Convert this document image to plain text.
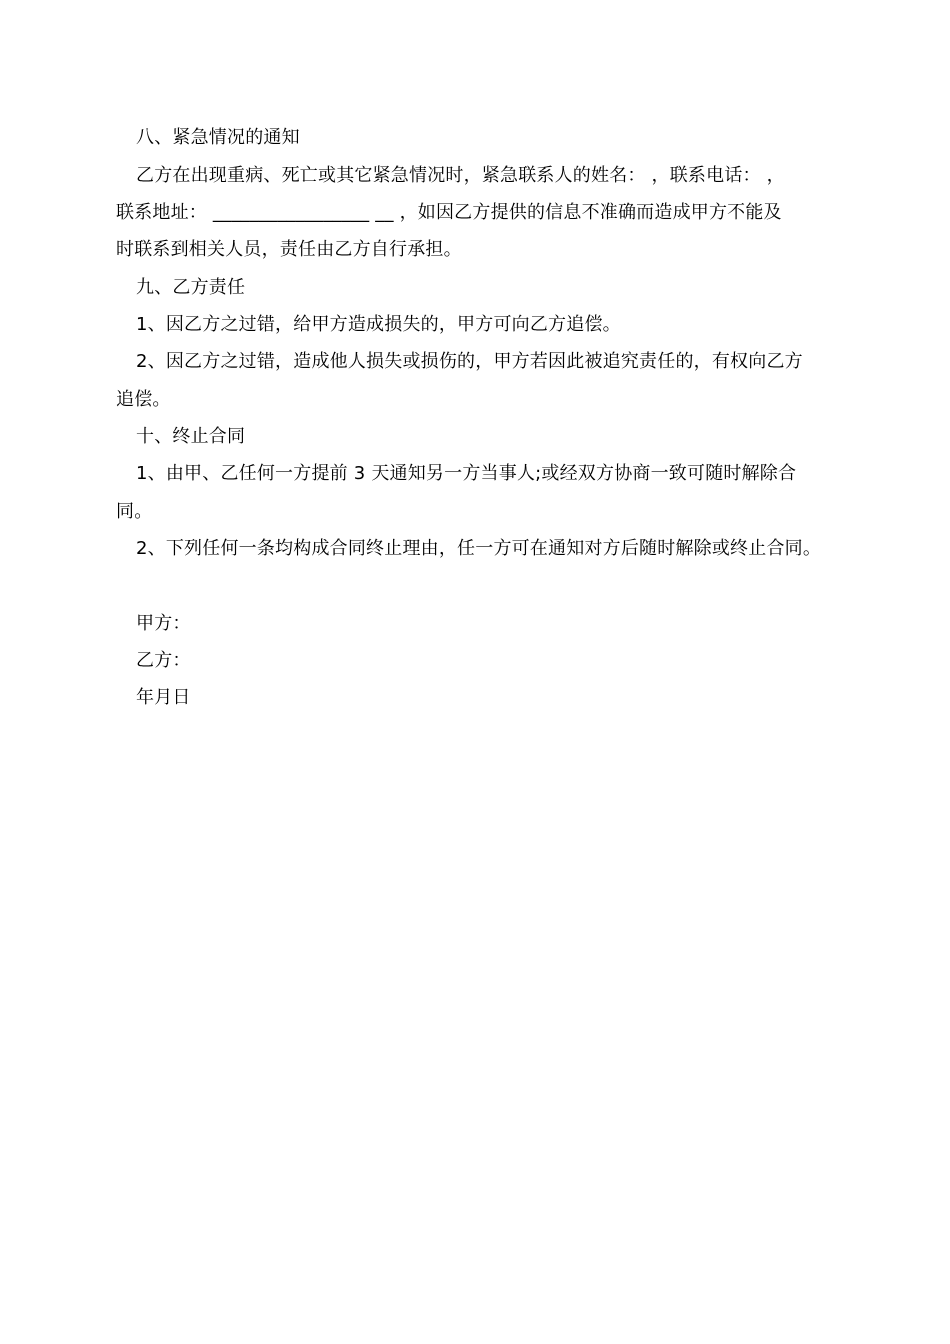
八、紧急情况的通知
乙方在出现重病、死亡或其它紧急情况时，紧急联系人的姓名： ，联系电话： ，
联系地址： _________________ __ ，如因乙方提供的信息不准确而造成甲方不能及
时联系到相关人员，责任由乙方自行承担。
九、乙方责任
1、因乙方之过错，给甲方造成损失的，甲方可向乙方追偿。
2、因乙方之过错，造成他人损失或损伤的，甲方若因此被追究责任的，有权向乙方
追偿。
十、终止合同
1、由甲、乙任何一方提前 3 天通知另一方当事人;或经双方协商一致可随时解除合
同。
2、下列任何一条均构成合同终止理由，任一方可在通知对方后随时解除或终止合同。
甲方：
乙方：
年月日
